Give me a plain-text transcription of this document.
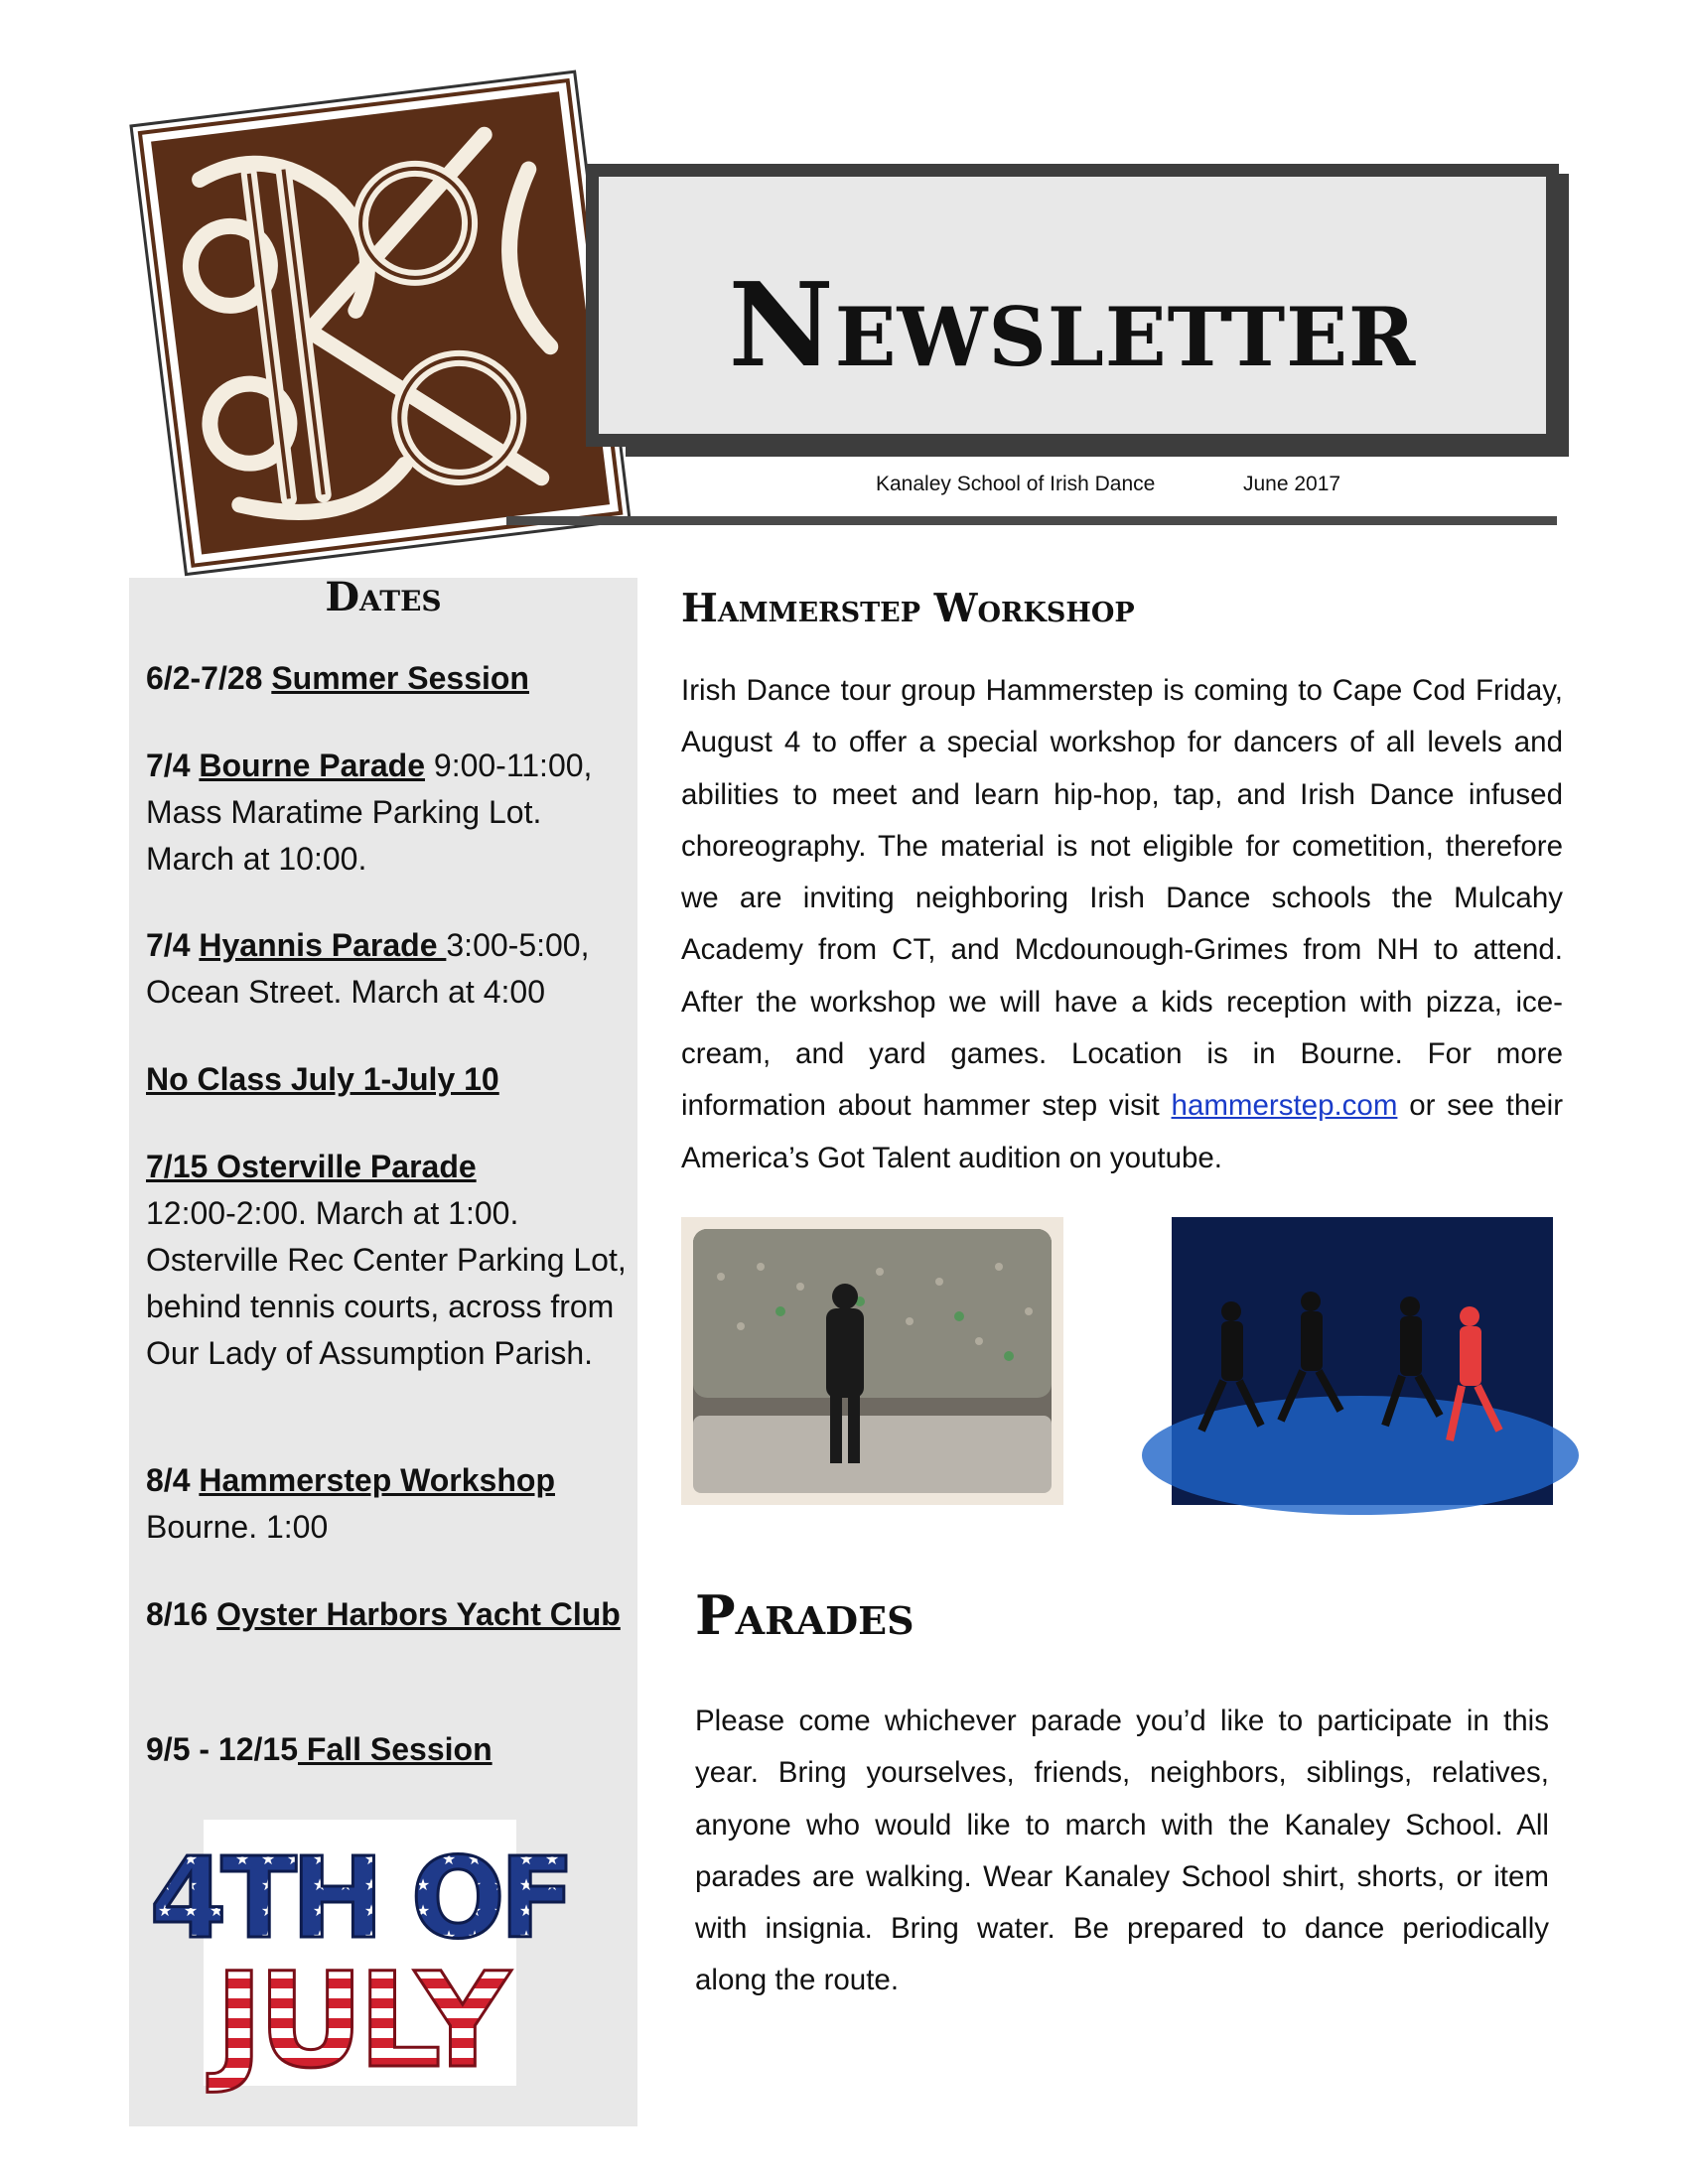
Newsletter
Kanaley School of Irish Dance	June 2017
Dates
6/2-7/28 Summer Session
7/4 Bourne Parade 9:00-11:00, Mass Maratime Parking Lot. March at 10:00.
7/4 Hyannis Parade 3:00-5:00, Ocean Street. March at 4:00
No Class July 1-July 10
7/15 Osterville Parade
12:00-2:00. March at 1:00. Osterville Rec Center Parking Lot, behind tennis courts, across from Our Lady of Assumption Parish.
8/4 Hammerstep Workshop
Bourne. 1:00
8/16 Oyster Harbors Yacht Club
9/5 - 12/15 Fall Session
4TH OF
JULY
Hammerstep Workshop
Irish Dance tour group Hammerstep is coming to Cape Cod Friday, August 4 to offer a special workshop for dancers of all levels and abilities to meet and learn hip-hop, tap, and Irish Dance infused choreography. The material is not eligible for cometition, therefore we are inviting neighboring Irish Dance schools the Mulcahy Academy from CT, and Mcdounough-Grimes from NH to attend. After the workshop we will have a kids reception with pizza, ice-cream, and yard games. Location is in Bourne. For more information about hammer step visit hammerstep.com or see their America’s Got Talent audition on youtube.
Parades
Please come whichever parade you’d like to participate in this year. Bring yourselves, friends, neighbors, siblings, relatives, anyone who would like to march with the Kanaley School. All parades are walking. Wear Kanaley School shirt, shorts, or item with insignia. Bring water. Be prepared to dance periodically along the route.
